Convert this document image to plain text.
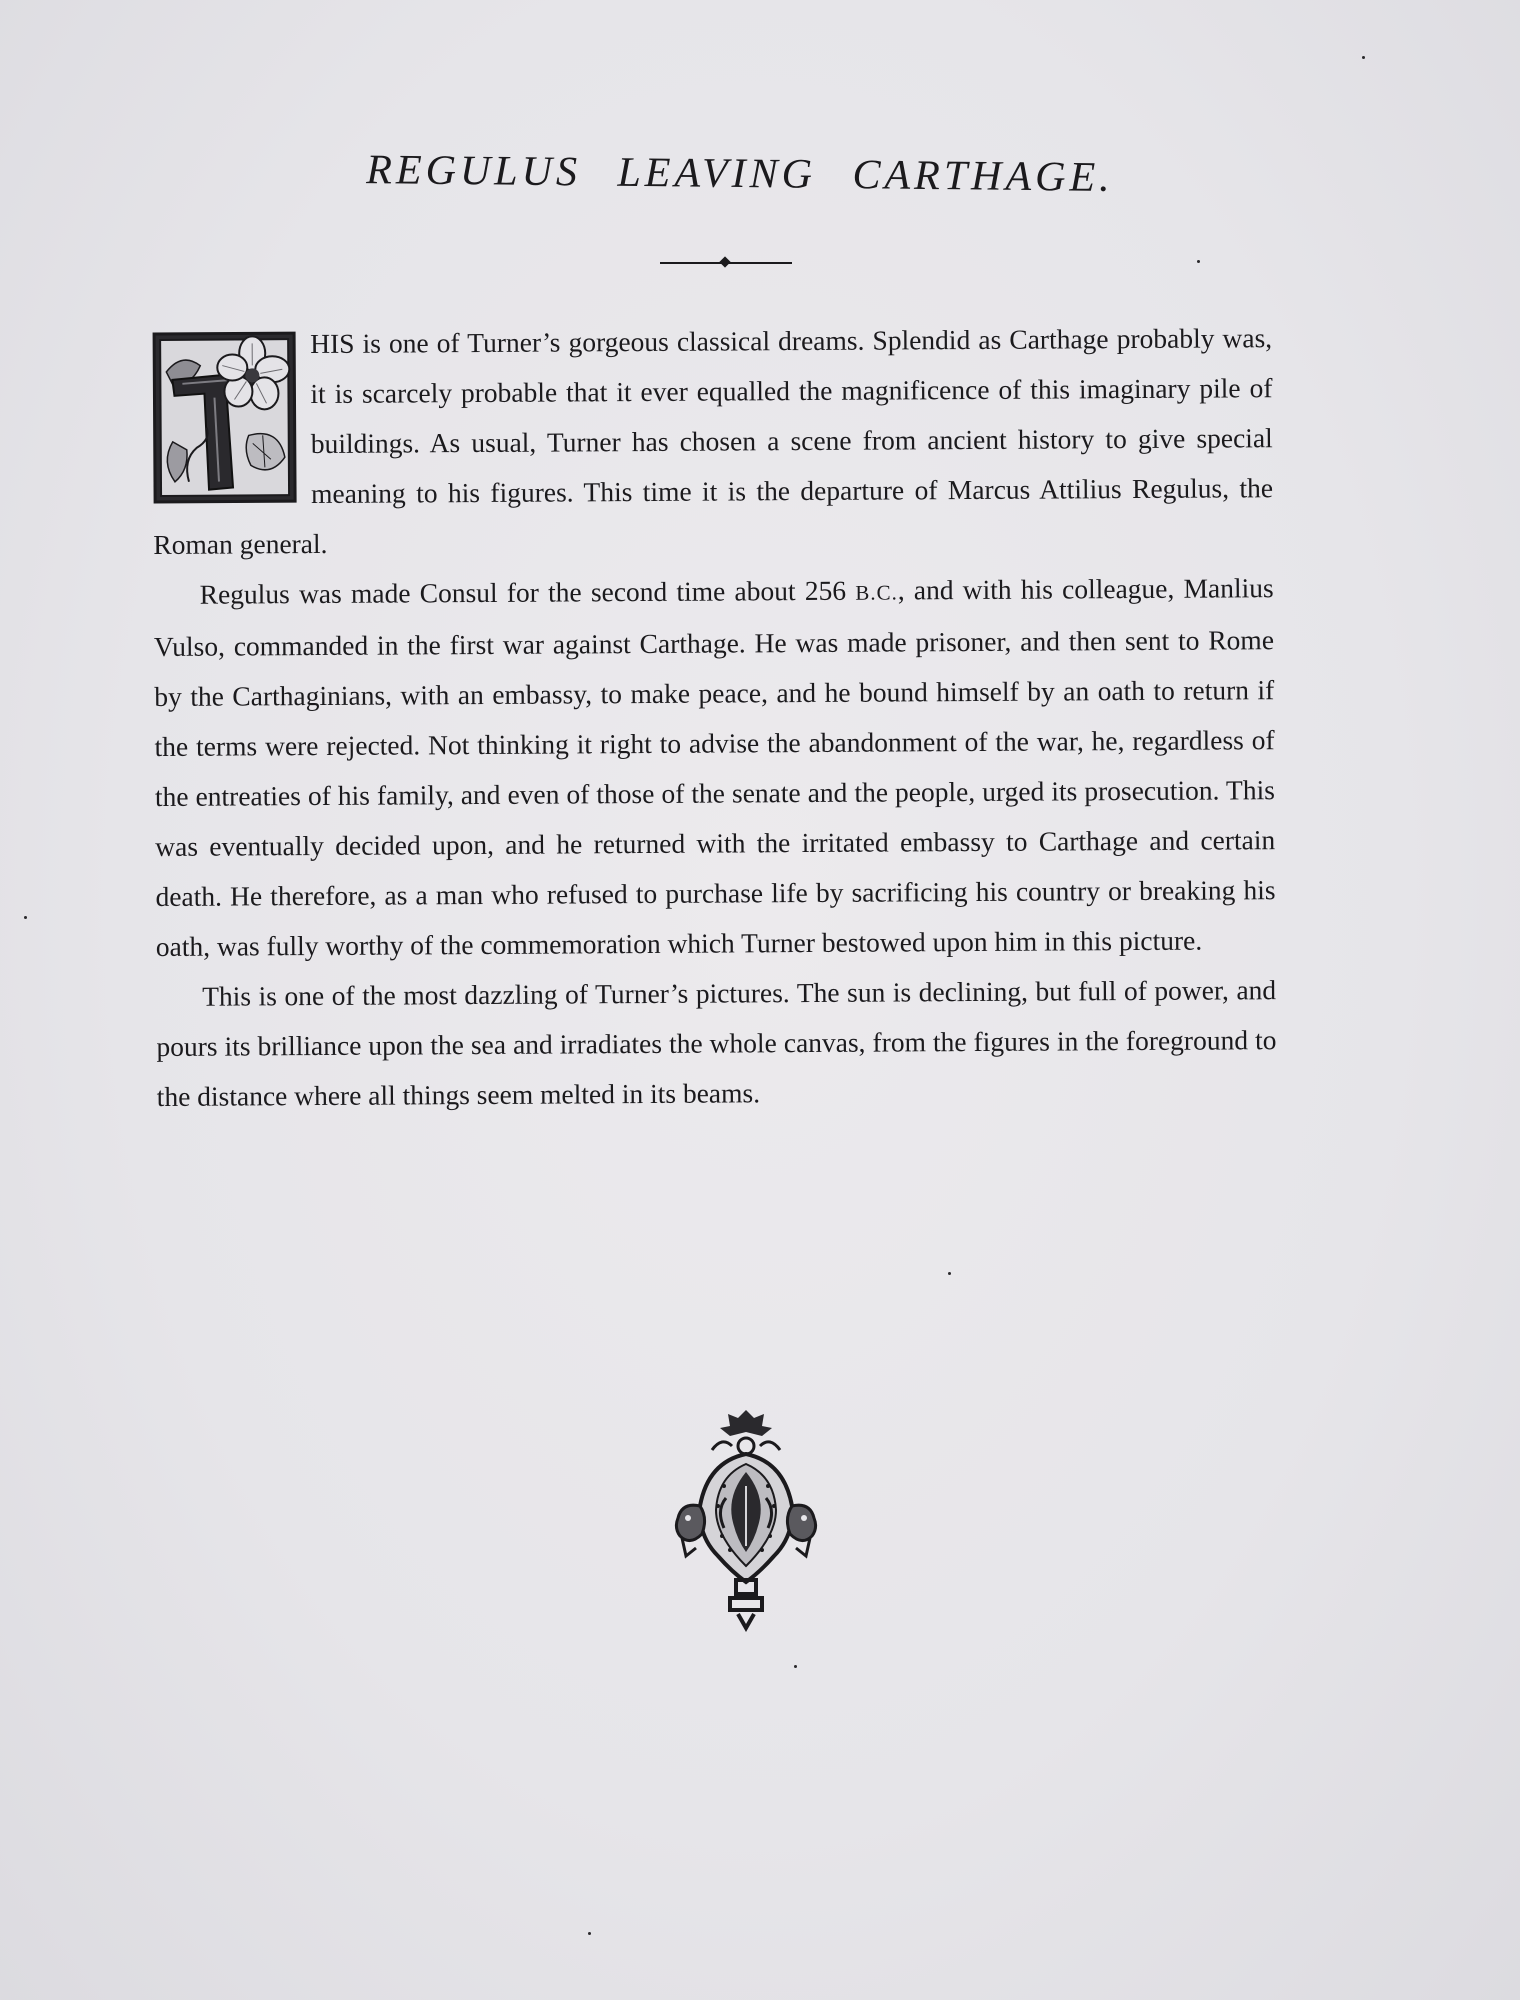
REGULUS LEAVING CARTHAGE.

HIS is one of Turner’s gorgeous classical dreams. Splendid as Carthage probably was, it is scarcely probable that it ever equalled the magnificence of this imaginary pile of buildings. As usual, Turner has chosen a scene from ancient history to give special meaning to his figures. This time it is the departure of Marcus Attilius Regulus, the Roman general.

Regulus was made Consul for the second time about 256 B.C., and with his colleague, Manlius Vulso, commanded in the first war against Carthage. He was made prisoner, and then sent to Rome by the Carthaginians, with an embassy, to make peace, and he bound himself by an oath to return if the terms were rejected. Not thinking it right to advise the abandonment of the war, he, regardless of the entreaties of his family, and even of those of the senate and the people, urged its prosecution. This was eventually decided upon, and he returned with the irritated embassy to Carthage and certain death. He therefore, as a man who refused to purchase life by sacrificing his country or breaking his oath, was fully worthy of the commemoration which Turner bestowed upon him in this picture.

This is one of the most dazzling of Turner’s pictures. The sun is declining, but full of power, and pours its brilliance upon the sea and irradiates the whole canvas, from the figures in the foreground to the distance where all things seem melted in its beams.
